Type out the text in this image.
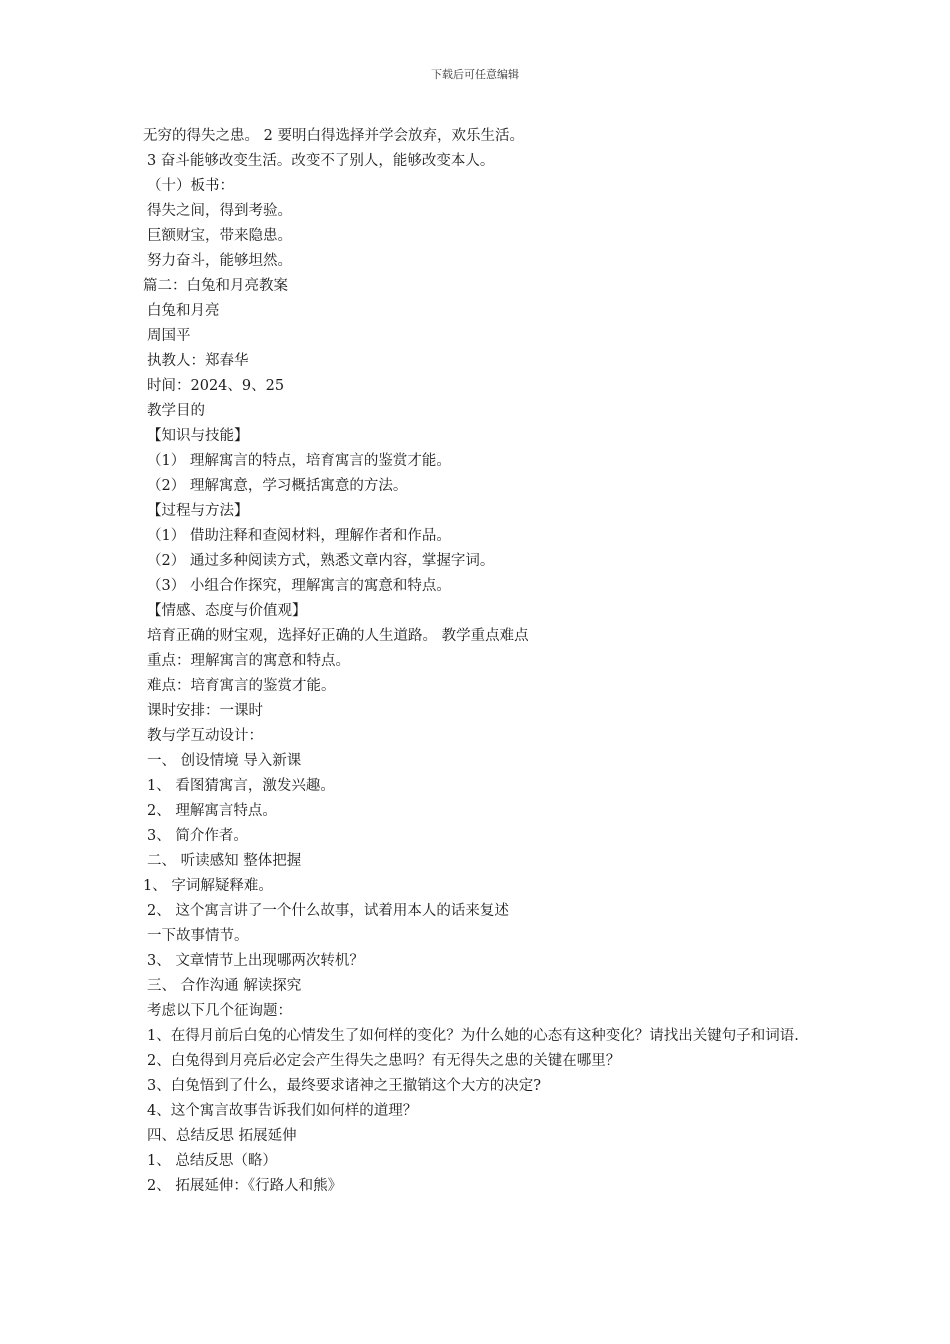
下载后可任意编辑
无穷的得失之患。 2 要明白得选择并学会放弃，欢乐生活。
3 奋斗能够改变生活。改变不了别人，能够改变本人。
（十）板书：
得失之间，得到考验。
巨额财宝，带来隐患。
努力奋斗，能够坦然。
篇二：白兔和月亮教案
白兔和月亮
周国平
执教人：郑春华
时间：2024、9、25
教学目的
【知识与技能】
（1） 理解寓言的特点，培育寓言的鉴赏才能。
（2） 理解寓意，学习概括寓意的方法。
【过程与方法】
（1） 借助注释和查阅材料，理解作者和作品。
（2） 通过多种阅读方式，熟悉文章内容，掌握字词。
（3） 小组合作探究，理解寓言的寓意和特点。
【情感、态度与价值观】
培育正确的财宝观，选择好正确的人生道路。 教学重点难点
重点：理解寓言的寓意和特点。
难点：培育寓言的鉴赏才能。
课时安排：一课时
教与学互动设计：
一、 创设情境 导入新课
1、 看图猜寓言，激发兴趣。
2、 理解寓言特点。
3、 简介作者。
二、 听读感知 整体把握
1、 字词解疑释难。
2、 这个寓言讲了一个什么故事，试着用本人的话来复述
一下故事情节。
3、 文章情节上出现哪两次转机？
三、 合作沟通 解读探究
考虑以下几个征询题：
1、在得月前后白兔的心情发生了如何样的变化？为什么她的心态有这种变化？请找出关键句子和词语.
2、白兔得到月亮后必定会产生得失之患吗？有无得失之患的关键在哪里？
3、白兔悟到了什么，最终要求诸神之王撤销这个大方的决定?
4、这个寓言故事告诉我们如何样的道理？
四、总结反思 拓展延伸
1、 总结反思（略）
2、 拓展延伸：《行路人和熊》
